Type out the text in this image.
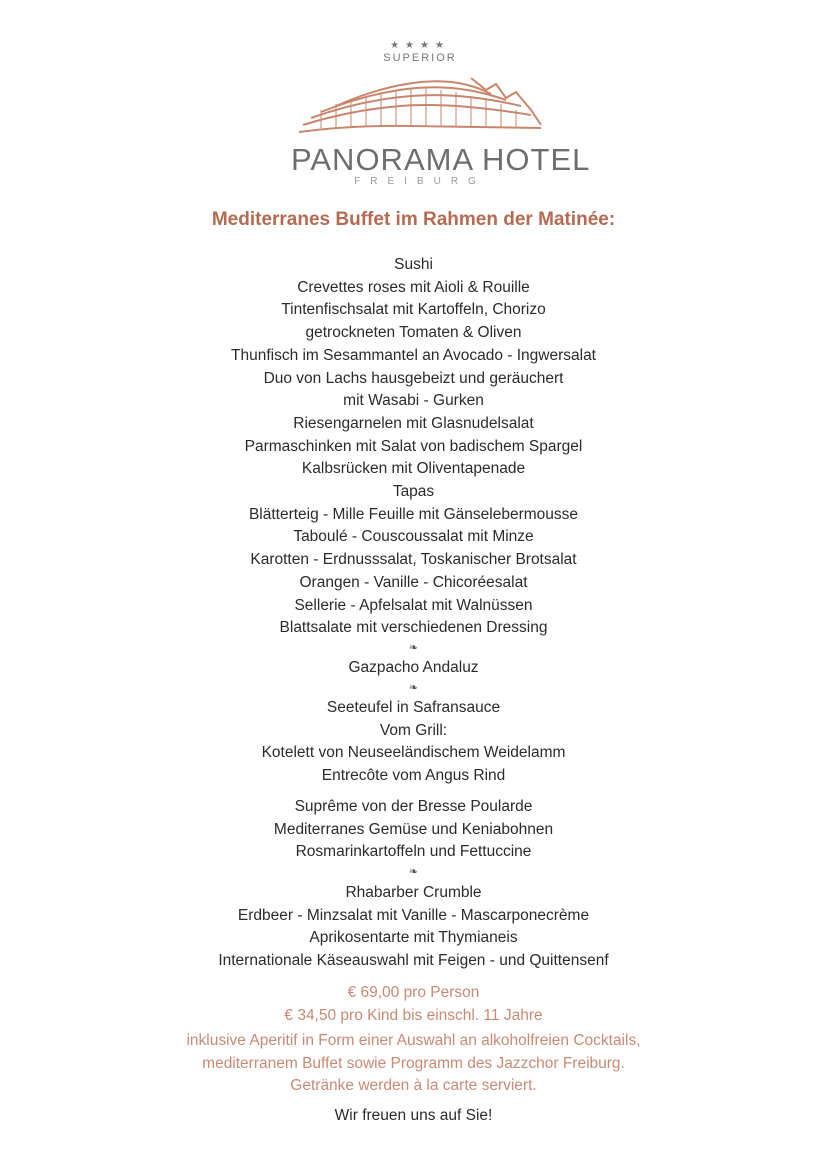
★★★★
SUPERIOR
PANORAMA HOTEL
FREIBURG
Mediterranes Buffet im Rahmen der Matinée:
Sushi
Crevettes roses mit Aioli & Rouille
Tintenfischsalat mit Kartoffeln, Chorizo
getrockneten Tomaten & Oliven
Thunfisch im Sesammantel an Avocado - Ingwersalat
Duo von Lachs hausgebeizt und geräuchert
mit Wasabi - Gurken
Riesengarnelen mit Glasnudelsalat
Parmaschinken mit Salat von badischem Spargel
Kalbsrücken mit Oliventapenade
Tapas
Blätterteig - Mille Feuille mit Gänselebermousse
Taboulé - Couscoussalat mit Minze
Karotten - Erdnusssalat, Toskanischer Brotsalat
Orangen - Vanille - Chicoréesalat
Sellerie - Apfelsalat mit Walnüssen
Blattsalate mit verschiedenen Dressing
❧
Gazpacho Andaluz
❧
Seeteufel in Safransauce
Vom Grill:
Kotelett von Neuseeländischem Weidelamm
Entrecôte vom Angus Rind
Suprême von der Bresse Poularde
Mediterranes Gemüse und Keniabohnen
Rosmarinkartoffeln und Fettuccine
❧
Rhabarber Crumble
Erdbeer - Minzsalat mit Vanille - Mascarponecrème
Aprikosentarte mit Thymianeis
Internationale Käseauswahl mit Feigen - und Quittensenf
€ 69,00 pro Person
€ 34,50 pro Kind bis einschl. 11 Jahre
inklusive Aperitif in Form einer Auswahl an alkoholfreien Cocktails,
mediterranem Buffet sowie Programm des Jazzchor Freiburg.
Getränke werden à la carte serviert.
Wir freuen uns auf Sie!
